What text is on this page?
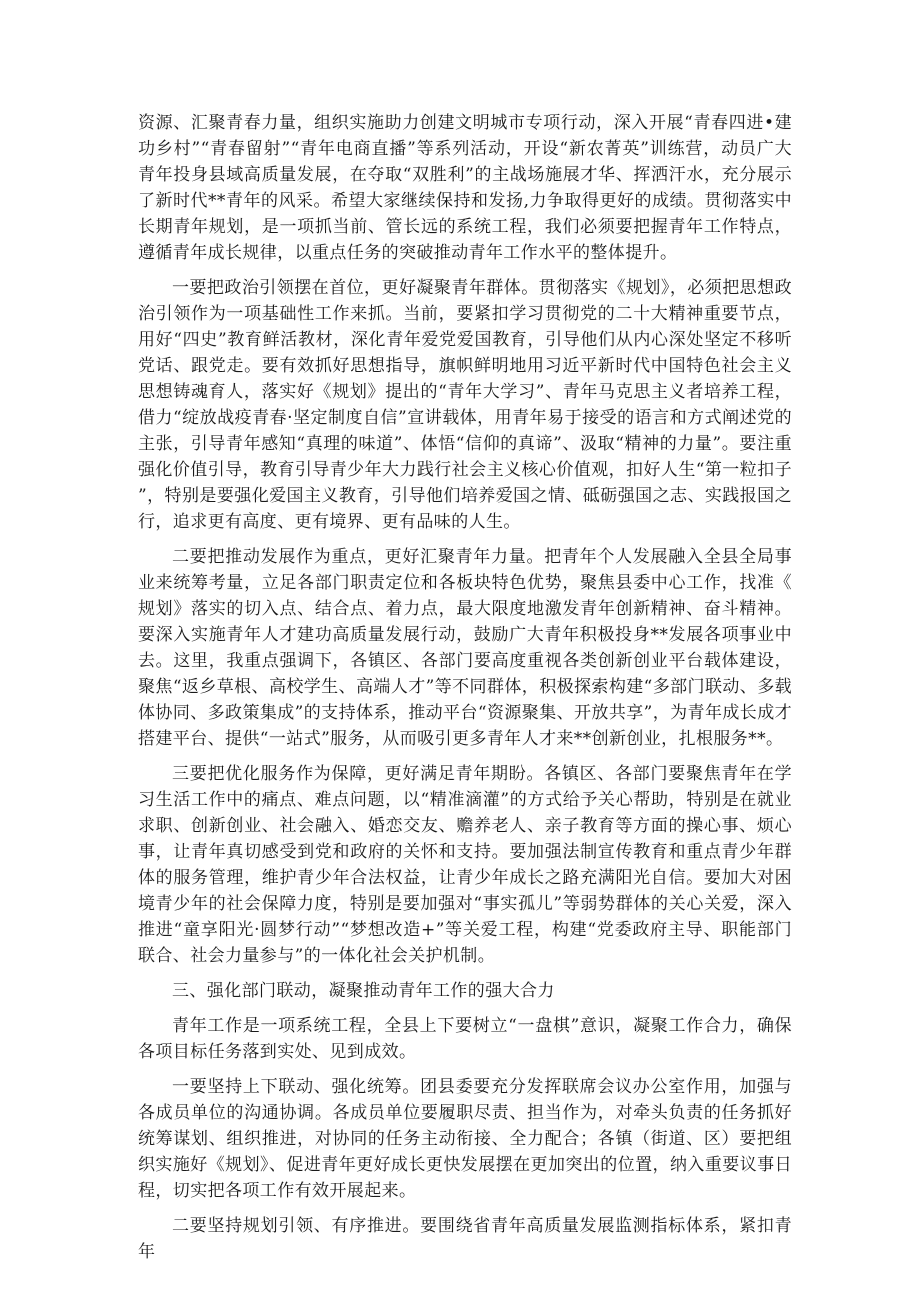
资源、汇聚青春力量，组织实施助力创建文明城市专项行动，深入开展“青春四进•建功乡村”“青春留射”“青年电商直播”等系列活动，开设“新农菁英”训练营，动员广大青年投身县域高质量发展，在夺取“双胜利”的主战场施展才华、挥洒汗水，充分展示了新时代**青年的风采。希望大家继续保持和发扬,力争取得更好的成绩。贯彻落实中长期青年规划，是一项抓当前、管长远的系统工程，我们必须要把握青年工作特点，遵循青年成长规律，以重点任务的突破推动青年工作水平的整体提升。

一要把政治引领摆在首位，更好凝聚青年群体。贯彻落实《规划》，必须把思想政治引领作为一项基础性工作来抓。当前，要紧扣学习贯彻党的二十大精神重要节点，用好“四史”教育鲜活教材，深化青年爱党爱国教育，引导他们从内心深处坚定不移听党话、跟党走。要有效抓好思想指导，旗帜鲜明地用习近平新时代中国特色社会主义思想铸魂育人，落实好《规划》提出的“青年大学习”、青年马克思主义者培养工程，借力“绽放战疫青春·坚定制度自信”宣讲载体，用青年易于接受的语言和方式阐述党的主张，引导青年感知“真理的味道”、体悟“信仰的真谛”、汲取“精神的力量”。要注重强化价值引导，教育引导青少年大力践行社会主义核心价值观，扣好人生“第一粒扣子”，特别是要强化爱国主义教育，引导他们培养爱国之情、砥砺强国之志、实践报国之行，追求更有高度、更有境界、更有品味的人生。

二要把推动发展作为重点，更好汇聚青年力量。把青年个人发展融入全县全局事业来统筹考量，立足各部门职责定位和各板块特色优势，聚焦县委中心工作，找准《规划》落实的切入点、结合点、着力点，最大限度地激发青年创新精神、奋斗精神。要深入实施青年人才建功高质量发展行动，鼓励广大青年积极投身**发展各项事业中去。这里，我重点强调下，各镇区、各部门要高度重视各类创新创业平台载体建设，聚焦“返乡草根、高校学生、高端人才”等不同群体，积极探索构建“多部门联动、多载体协同、多政策集成”的支持体系，推动平台“资源聚集、开放共享”，为青年成长成才搭建平台、提供“一站式”服务，从而吸引更多青年人才来**创新创业，扎根服务**。

三要把优化服务作为保障，更好满足青年期盼。各镇区、各部门要聚焦青年在学习生活工作中的痛点、难点问题，以“精准滴灌”的方式给予关心帮助，特别是在就业求职、创新创业、社会融入、婚恋交友、赡养老人、亲子教育等方面的操心事、烦心事，让青年真切感受到党和政府的关怀和支持。要加强法制宣传教育和重点青少年群体的服务管理，维护青少年合法权益，让青少年成长之路充满阳光自信。要加大对困境青少年的社会保障力度，特别是要加强对“事实孤儿”等弱势群体的关心关爱，深入推进“童享阳光·圆梦行动”“梦想改造+”等关爱工程，构建“党委政府主导、职能部门联合、社会力量参与”的一体化社会关护机制。

三、强化部门联动，凝聚推动青年工作的强大合力

青年工作是一项系统工程，全县上下要树立“一盘棋”意识，凝聚工作合力，确保各项目标任务落到实处、见到成效。

一要坚持上下联动、强化统筹。团县委要充分发挥联席会议办公室作用，加强与各成员单位的沟通协调。各成员单位要履职尽责、担当作为，对牵头负责的任务抓好统筹谋划、组织推进，对协同的任务主动衔接、全力配合；各镇（街道、区）要把组织实施好《规划》、促进青年更好成长更快发展摆在更加突出的位置，纳入重要议事日程，切实把各项工作有效开展起来。

二要坚持规划引领、有序推进。要围绕省青年高质量发展监测指标体系，紧扣青年
